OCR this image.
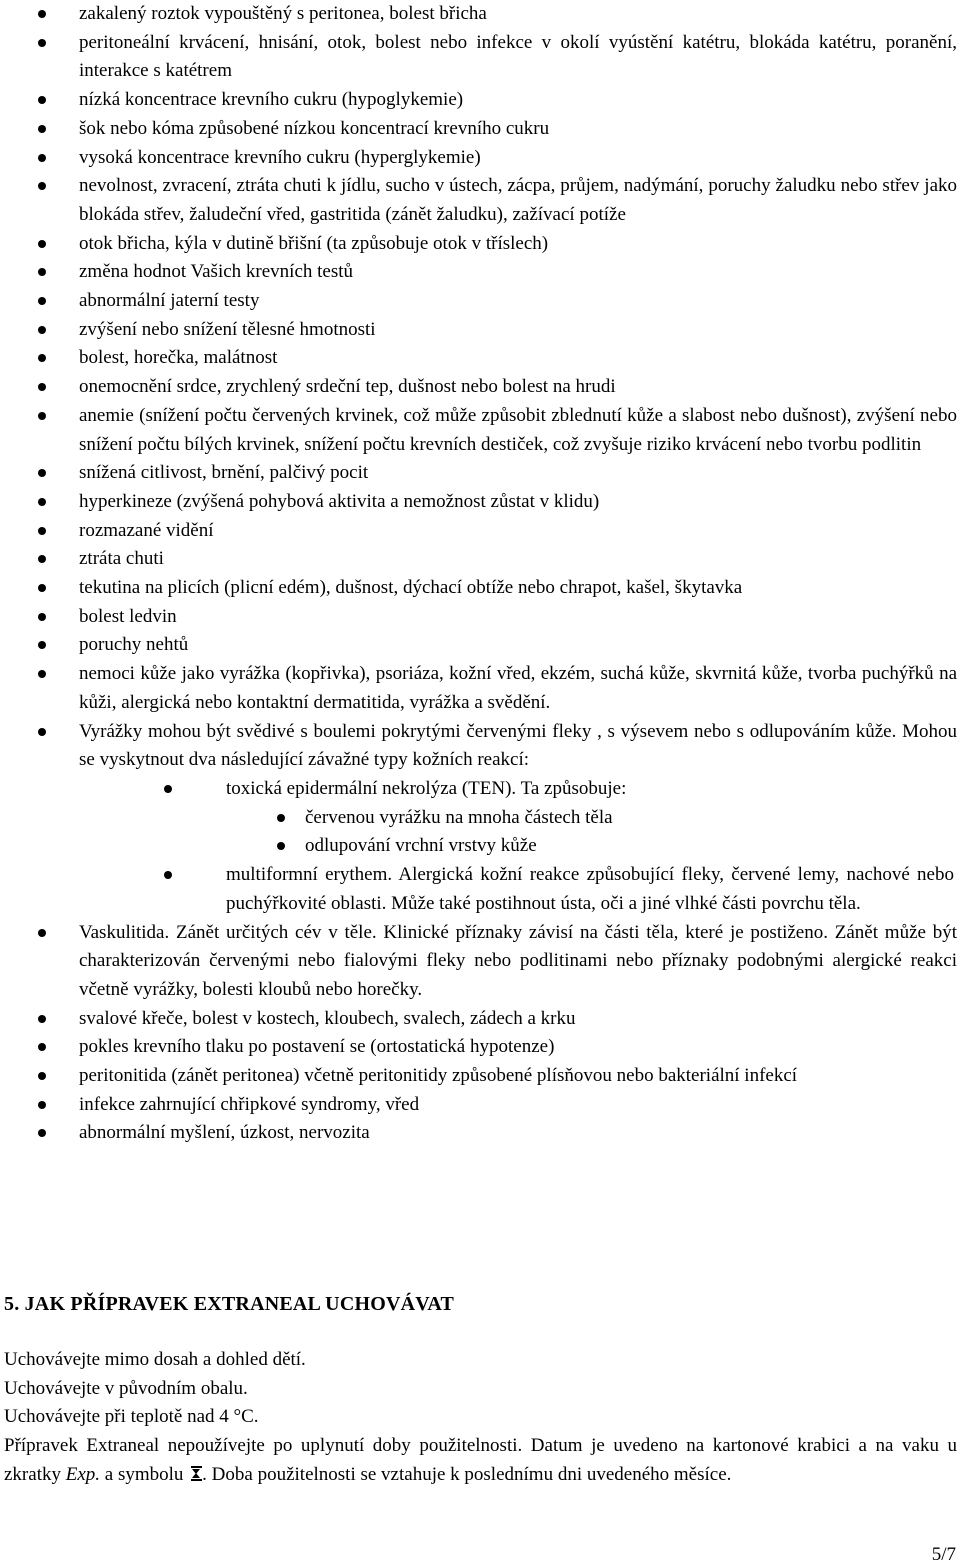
zakalený roztok vypouštěný s peritonea, bolest břicha
peritoneální krvácení, hnisání, otok, bolest nebo infekce v okolí vyústění katétru, blokáda katétru, poranění, interakce s katétrem
nízká koncentrace krevního cukru (hypoglykemie)
šok nebo kóma způsobené nízkou koncentrací krevního cukru
vysoká koncentrace krevního cukru (hyperglykemie)
nevolnost, zvracení, ztráta chuti k jídlu, sucho v ústech, zácpa, průjem, nadýmání, poruchy žaludku nebo střev jako blokáda střev, žaludeční vřed, gastritida (zánět žaludku), zažívací potíže
otok břicha, kýla v dutině břišní (ta způsobuje otok v tříslech)
změna hodnot Vašich krevních testů
abnormální jaterní testy
zvýšení nebo snížení tělesné hmotnosti
bolest, horečka, malátnost
onemocnění srdce, zrychlený srdeční tep, dušnost nebo bolest na hrudi
anemie (snížení počtu červených krvinek, což může způsobit zblednutí kůže a slabost nebo dušnost), zvýšení nebo snížení počtu bílých krvinek, snížení počtu krevních destiček, což zvyšuje riziko krvácení nebo tvorbu podlitin
snížená citlivost, brnění, palčivý pocit
hyperkineze (zvýšená pohybová aktivita a nemožnost zůstat v klidu)
rozmazané vidění
ztráta chuti
tekutina na plicích (plicní edém), dušnost, dýchací obtíže nebo chrapot, kašel, škytavka
bolest ledvin
poruchy nehtů
nemoci kůže jako vyrážka (kopřivka), psoriáza, kožní vřed, ekzém, suchá kůže, skvrnitá kůže, tvorba puchýřků na kůži, alergická nebo kontaktní dermatitida, vyrážka a svědění.
Vyrážky mohou být svědivé s boulemi pokrytými červenými fleky , s výsevem nebo s odlupováním kůže. Mohou se vyskytnout dva následující závažné typy kožních reakcí:
toxická epidermální nekrolýza (TEN). Ta způsobuje:
červenou vyrážku na mnoha částech těla
odlupování vrchní vrstvy kůže
multiformní erythem. Alergická kožní reakce způsobující fleky, červené lemy, nachové nebo puchýřkovité oblasti. Může také postihnout ústa, oči a jiné vlhké části povrchu těla.
Vaskulitida. Zánět určitých cév v těle. Klinické příznaky závisí na části těla, které je postiženo. Zánět může být charakterizován červenými nebo fialovými fleky nebo podlitinami nebo příznaky podobnými alergické reakci včetně vyrážky, bolesti kloubů nebo horečky.
svalové křeče, bolest v kostech, kloubech, svalech, zádech a krku
pokles krevního tlaku po postavení se (ortostatická hypotenze)
peritonitida (zánět peritonea) včetně peritonitidy způsobené plísňovou nebo bakteriální infekcí
infekce zahrnující chřipkové syndromy, vřed
abnormální myšlení, úzkost, nervozita
5. JAK PŘÍPRAVEK EXTRANEAL UCHOVÁVAT

Uchovávejte mimo dosah a dohled dětí.

Uchovávejte v původním obalu.

Uchovávejte při teplotě nad 4 °C.

Přípravek Extraneal nepoužívejte po uplynutí doby použitelnosti. Datum je uvedeno na kartonové krabici a na vaku u zkratky Exp. a symbolu . Doba použitelnosti se vztahuje k poslednímu dni uvedeného měsíce.

5/7
